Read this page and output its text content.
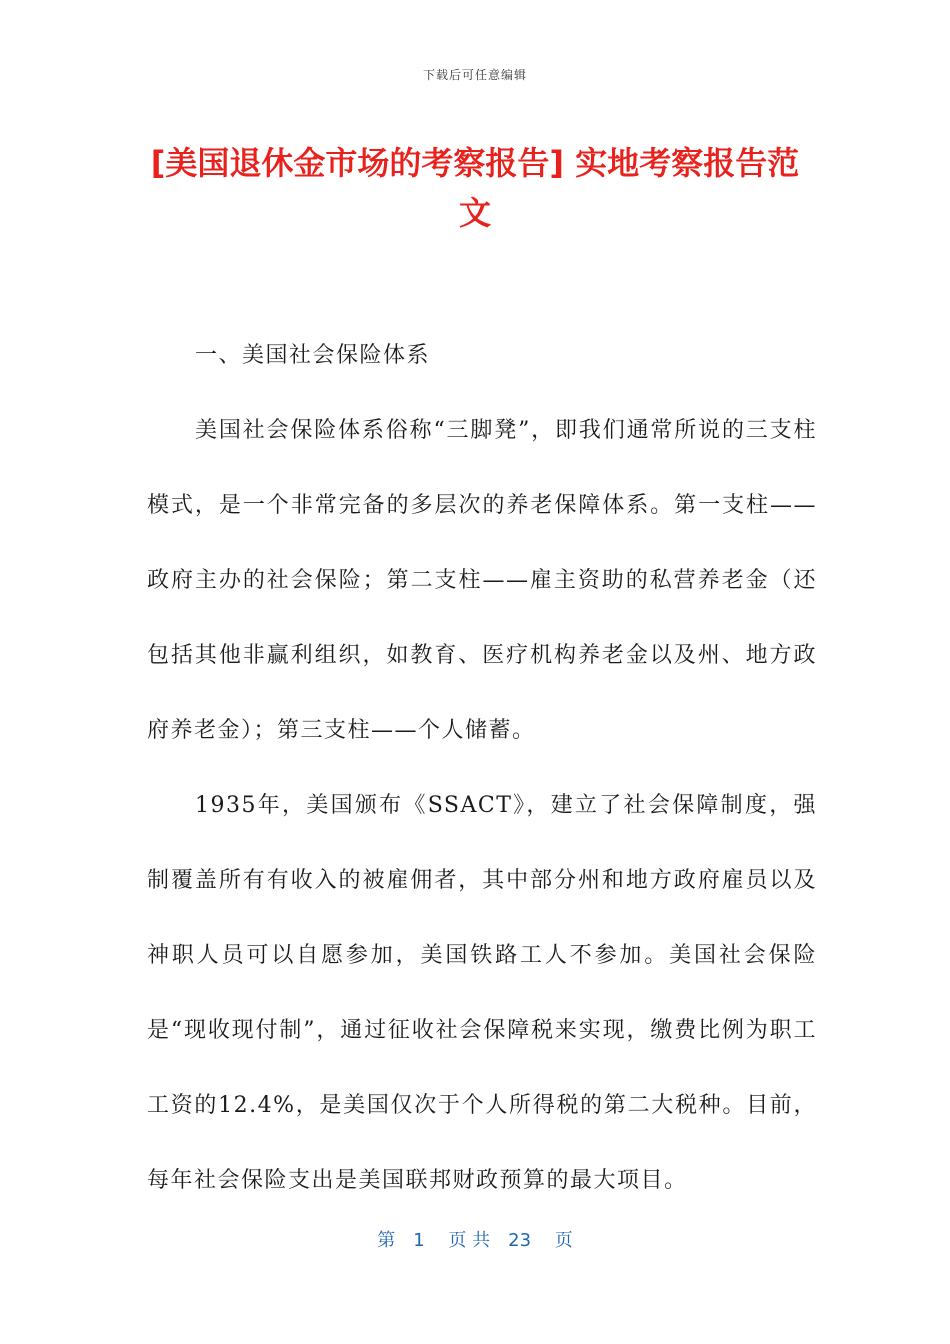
下载后可任意编辑
[美国退休金市场的考察报告] 实地考察报告范文

一、美国社会保险体系

美国社会保险体系俗称“三脚凳”，即我们通常所说的三支柱模式，是一个非常完备的多层次的养老保障体系。第一支柱——政府主办的社会保险；第二支柱——雇主资助的私营养老金（还包括其他非赢利组织，如教育、医疗机构养老金以及州、地方政府养老金）；第三支柱——个人储蓄。

1935年，美国颁布《SSACT》，建立了社会保障制度，强制覆盖所有有收入的被雇佣者，其中部分州和地方政府雇员以及神职人员可以自愿参加，美国铁路工人不参加。美国社会保险是“现收现付制”，通过征收社会保障税来实现，缴费比例为职工工资的12.4%，是美国仅次于个人所得税的第二大税种。目前，每年社会保险支出是美国联邦财政预算的最大项目。

第　1　 页 共　23　 页
